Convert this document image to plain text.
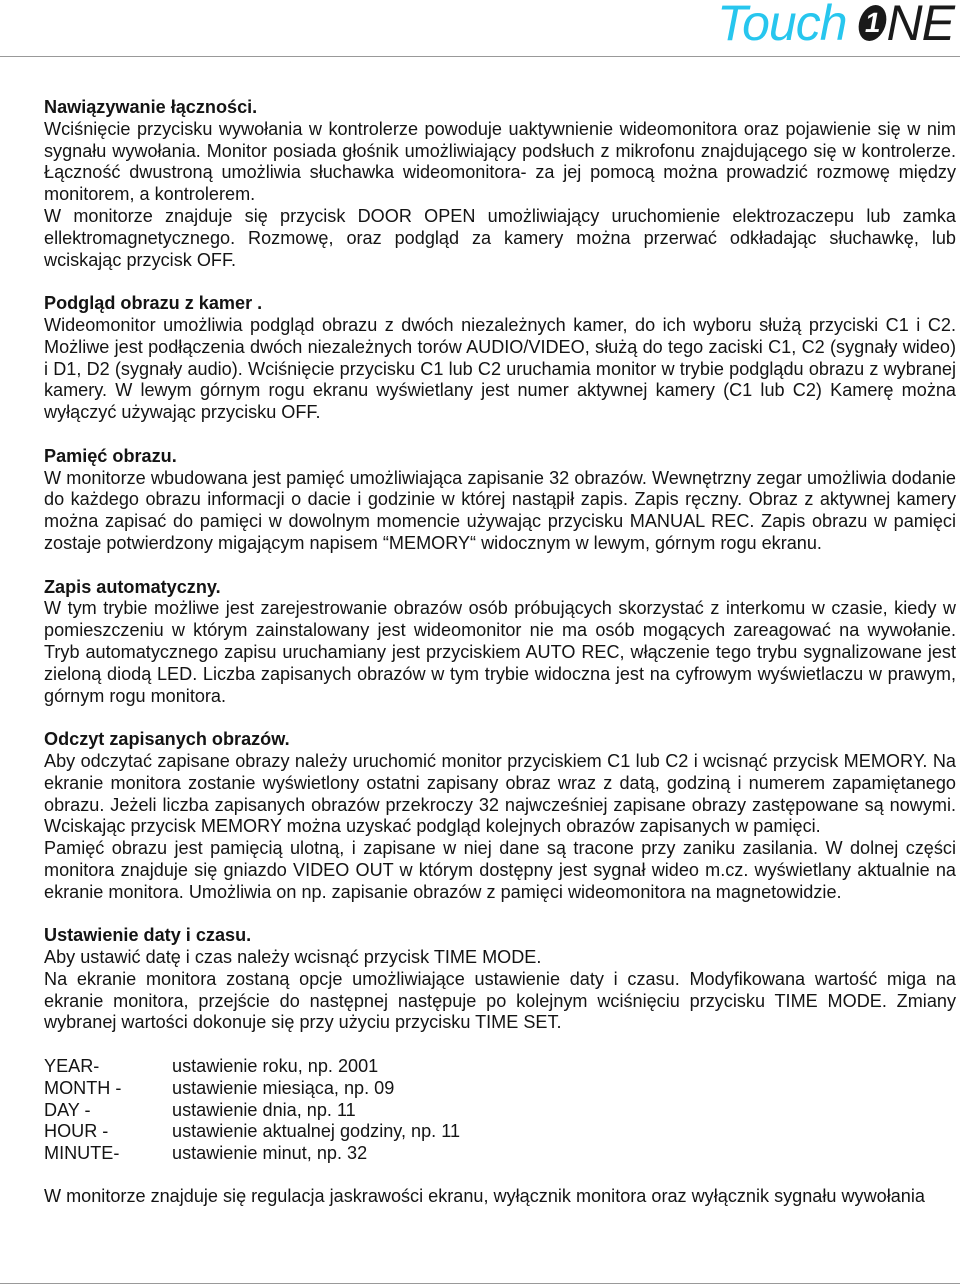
Touch 1 NE
Nawiązywanie łączności.
Wciśnięcie przycisku wywołania w kontrolerze powoduje uaktywnienie wideomonitora oraz pojawienie się w nim sygnału wywołania. Monitor posiada głośnik umożliwiający podsłuch z mikrofonu znajdującego się w kontrolerze. Łączność dwustroną umożliwia słuchawka wideomonitora- za jej pomocą można prowadzić rozmowę między monitorem, a kontrolerem.
W monitorze znajduje się przycisk DOOR OPEN umożliwiający uruchomienie elektrozaczepu lub zamka ellektromagnetycznego. Rozmowę, oraz podgląd za kamery można przerwać odkładając słuchawkę, lub wciskając przycisk OFF.
Podgląd obrazu z kamer .
Wideomonitor umożliwia podgląd obrazu z dwóch niezależnych kamer, do ich wyboru służą przyciski C1 i C2. Możliwe jest podłączenia dwóch niezależnych torów AUDIO/VIDEO, służą do tego zaciski C1, C2 (sygnały wideo) i D1, D2 (sygnały audio). Wciśnięcie przycisku C1 lub C2 uruchamia monitor w trybie podglądu obrazu z wybranej kamery. W lewym górnym rogu ekranu wyświetlany jest numer aktywnej kamery (C1 lub C2) Kamerę można wyłączyć używając przycisku OFF.
Pamięć obrazu.
W monitorze wbudowana jest pamięć umożliwiająca zapisanie 32 obrazów. Wewnętrzny zegar umożliwia dodanie do każdego obrazu informacji o dacie i godzinie w której nastąpił zapis. Zapis ręczny. Obraz z aktywnej kamery można zapisać do pamięci w dowolnym momencie używając przycisku MANUAL REC. Zapis obrazu w pamięci zostaje potwierdzony migającym napisem “MEMORY“ widocznym w lewym, górnym rogu ekranu.
Zapis automatyczny.
W tym trybie możliwe jest zarejestrowanie obrazów osób próbujących skorzystać z interkomu w czasie, kiedy w pomieszczeniu w którym zainstalowany jest wideomonitor nie ma osób mogących zareagować na wywołanie. Tryb automatycznego zapisu uruchamiany jest przyciskiem AUTO REC, włączenie tego trybu sygnalizowane jest zieloną diodą LED. Liczba zapisanych obrazów w tym trybie widoczna jest na cyfrowym wyświetlaczu w prawym, górnym rogu monitora.
Odczyt zapisanych obrazów.
Aby odczytać zapisane obrazy należy uruchomić monitor przyciskiem C1 lub C2 i wcisnąć przycisk MEMORY. Na ekranie monitora zostanie wyświetlony ostatni zapisany obraz wraz z datą, godziną i numerem zapamiętanego obrazu. Jeżeli liczba zapisanych obrazów przekroczy 32 najwcześniej zapisane obrazy zastępowane są nowymi. Wciskając przycisk MEMORY można uzyskać podgląd kolejnych obrazów zapisanych w pamięci.
Pamięć obrazu jest pamięcią ulotną, i zapisane w niej dane są tracone przy zaniku zasilania. W dolnej części monitora znajduje się gniazdo VIDEO OUT w którym dostępny jest sygnał wideo m.cz. wyświetlany aktualnie na ekranie monitora. Umożliwia on np. zapisanie obrazów z pamięci wideomonitora na magnetowidzie.
Ustawienie daty i czasu.
Aby ustawić datę i czas należy wcisnąć przycisk TIME MODE.
Na ekranie monitora zostaną opcje umożliwiające ustawienie daty i czasu. Modyfikowana wartość miga na ekranie monitora, przejście do następnej następuje po kolejnym wciśnięciu przycisku TIME MODE. Zmiany wybranej wartości dokonuje się przy użyciu przycisku TIME SET.
YEAR-	ustawienie roku, np. 2001
MONTH -	ustawienie miesiąca, np. 09
DAY -	ustawienie dnia, np. 11
HOUR -	ustawienie aktualnej godziny, np. 11
MINUTE-	ustawienie minut, np. 32
W monitorze znajduje się regulacja jaskrawości ekranu, wyłącznik monitora oraz wyłącznik sygnału wywołania
